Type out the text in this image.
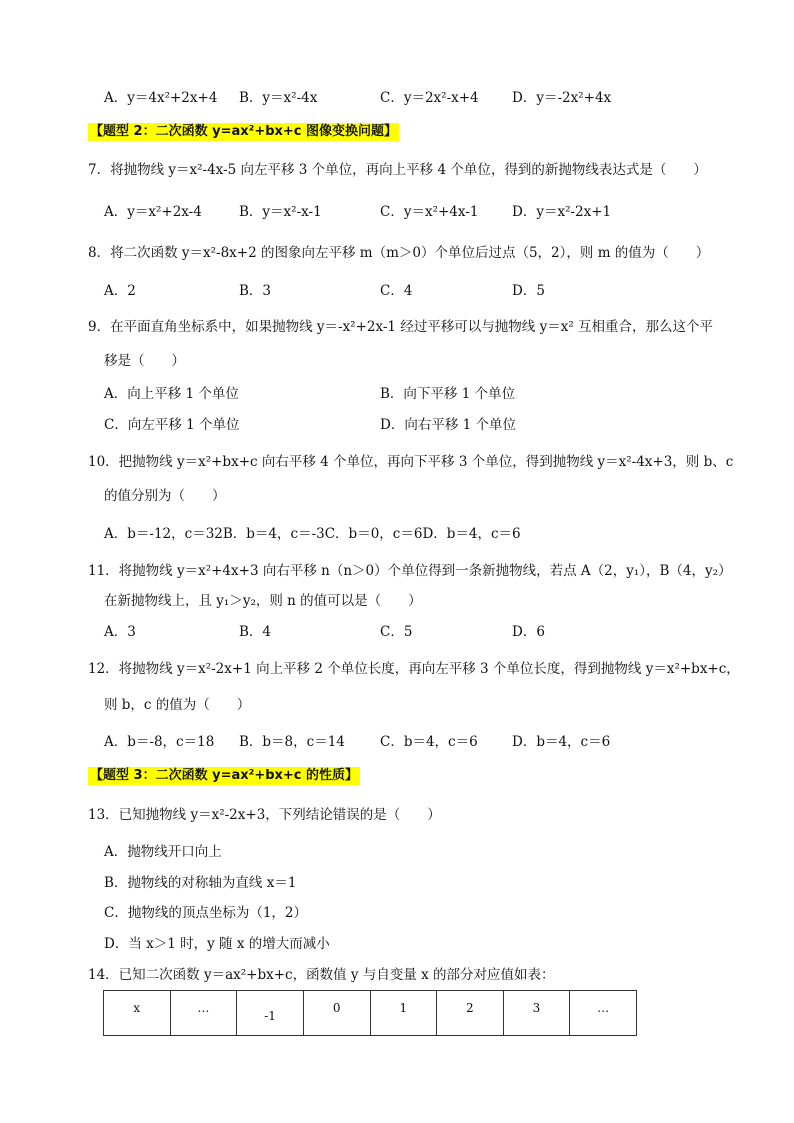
A．y＝4x²+2x+4 B．y＝x²-4x	C．y＝2x²-x+4 D．y＝-2x²+4x
【题型 2：二次函数 y=ax²+bx+c 图像变换问题】
7．将抛物线 y＝x²-4x-5 向左平移 3 个单位，再向上平移 4 个单位，得到的新抛物线表达式是（　　）
A．y＝x²+2x-4	B．y＝x²-x-1	C．y＝x²+4x-1 D．y＝x²-2x+1
8．将二次函数 y＝x²-8x+2 的图象向左平移 m（m＞0）个单位后过点（5，2），则 m 的值为（　　）
A．2	B．3	C．4	D．5
9．在平面直角坐标系中，如果抛物线 y＝-x²+2x-1 经过平移可以与抛物线 y＝x² 互相重合，那么这个平
移是（　　）
A．向上平移 1 个单位	B．向下平移 1 个单位
C．向左平移 1 个单位	D．向右平移 1 个单位
10．把抛物线 y＝x²+bx+c 向右平移 4 个单位，再向下平移 3 个单位，得到抛物线 y＝x²-4x+3，则 b、c
的值分别为（　　）
A．b＝-12，c＝32B．b＝4，c＝-3C．b＝0，c＝6D．b＝4，c＝6
11．将抛物线 y＝x²+4x+3 向右平移 n（n＞0）个单位得到一条新抛物线，若点 A（2，y₁），B（4，y₂）
在新抛物线上，且 y₁＞y₂，则 n 的值可以是（　　）
A．3	B．4	C．5	D．6
12．将抛物线 y＝x²-2x+1 向上平移 2 个单位长度，再向左平移 3 个单位长度，得到抛物线 y＝x²+bx+c，
则 b，c 的值为（　　）
A．b＝-8，c＝18 B．b＝8，c＝14	C．b＝4，c＝6	D．b＝4，c＝6
【题型 3：二次函数 y=ax²+bx+c 的性质】
13．已知抛物线 y＝x²-2x+3，下列结论错误的是（　　）
A．抛物线开口向上
B．抛物线的对称轴为直线 x＝1
C．抛物线的顶点坐标为（1，2）
D．当 x＞1 时，y 随 x 的增大而减小
14．已知二次函数 y＝ax²+bx+c，函数值 y 与自变量 x 的部分对应值如表：
x	…	-1	0	1	2	3	…
